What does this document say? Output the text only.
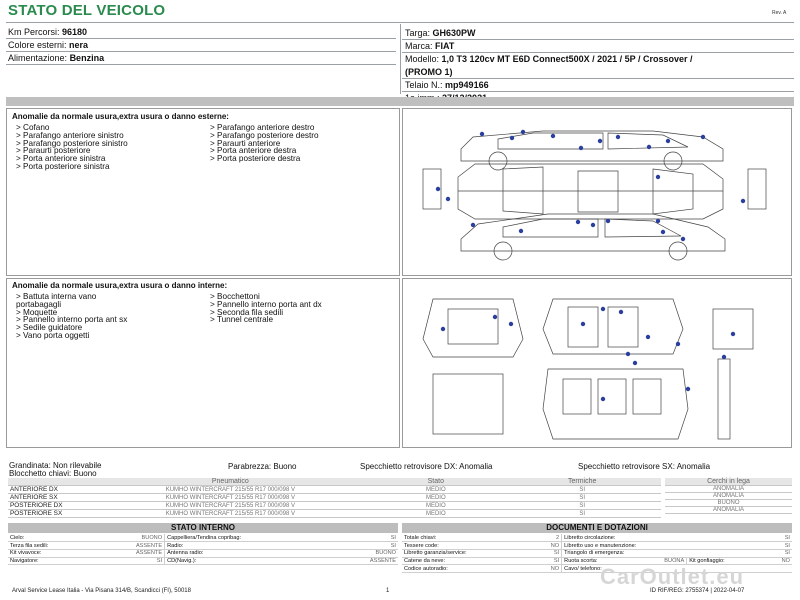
STATO DEL VEICOLO	Rev. A
Km Percorsi: 96180
Colore esterni: nera
Alimentazione: Benzina
Targa: GH630PW
Marca: FIAT
Modello: 1,0 T3 120cv MT E6D Connect500X / 2021 / 5P / Crossover /
(PROMO 1)
Telaio N.: mp949166
Anomalie da normale usura,extra usura o danno esterne:
> Cofano
> Parafango anteriore sinistro
> Parafango posteriore sinistro
> Paraurti posteriore
> Porta anteriore sinistra
> Porta posteriore sinistra
> Parafango anteriore destro
> Parafango posteriore destro
> Paraurti anteriore
> Porta anteriore destra
> Porta posteriore destra
Anomalie da normale usura,extra usura o danno interne:
> Battuta interna vano
portabagagli
> Moquette
> Pannello interno porta ant sx
> Sedile guidatore
> Vano porta oggetti
> Bocchettoni
> Pannello interno porta ant dx
> Seconda fila sedili
> Tunnel centrale
Grandinata: Non rilevabile
Blocchetto chiavi: Buono
Parabrezza: Buono	Specchietto retrovisore DX: Anomalia	Specchietto retrovisore SX: Anomalia
	Pneumatico	Stato	Termiche
ANTERIORE DX	KUMHO WINTERCRAFT 215/55 R17 000/098 V	MEDIO	SI
ANTERIORE SX	KUMHO WINTERCRAFT 215/55 R17 000/098 V	MEDIO	SI
POSTERIORE DX	KUMHO WINTERCRAFT 215/55 R17 000/098 V	MEDIO	SI
POSTERIORE SX	KUMHO WINTERCRAFT 215/55 R17 000/098 V	MEDIO	SI
Cerchi in lega
ANOMALIA
ANOMALIA
BUONO
ANOMALIA
STATO INTERNO
Cielo:	BUONO	Cappelliera/Tendina copribag:	SI
Terza fila sedili:	ASSENTE	Radio:	SI
Kit vivavoce:	ASSENTE	Antenna radio:	BUONO
Navigatore:	SI	CD(Navig.):	ASSENTE
DOCUMENTI E DOTAZIONI
Totale chiavi:	2	Libretto circolazione:			SI
Tessere code:	NO	Libretto uso e manutenzione:			SI
Libretto garanzia/service:	SI	Triangolo di emergenza:			SI
Catene da neve:	SI	Ruota scorta:	BUONA	Kit gonfiaggio:	NO
Codice autoradio:	NO	Cavo/ telefono:			
CarOutlet.eu
Arval Service Lease Italia - Via Pisana 314/B, Scandicci (FI), 50018	1	ID RIF/REG: 2755374 | 2022-04-07
